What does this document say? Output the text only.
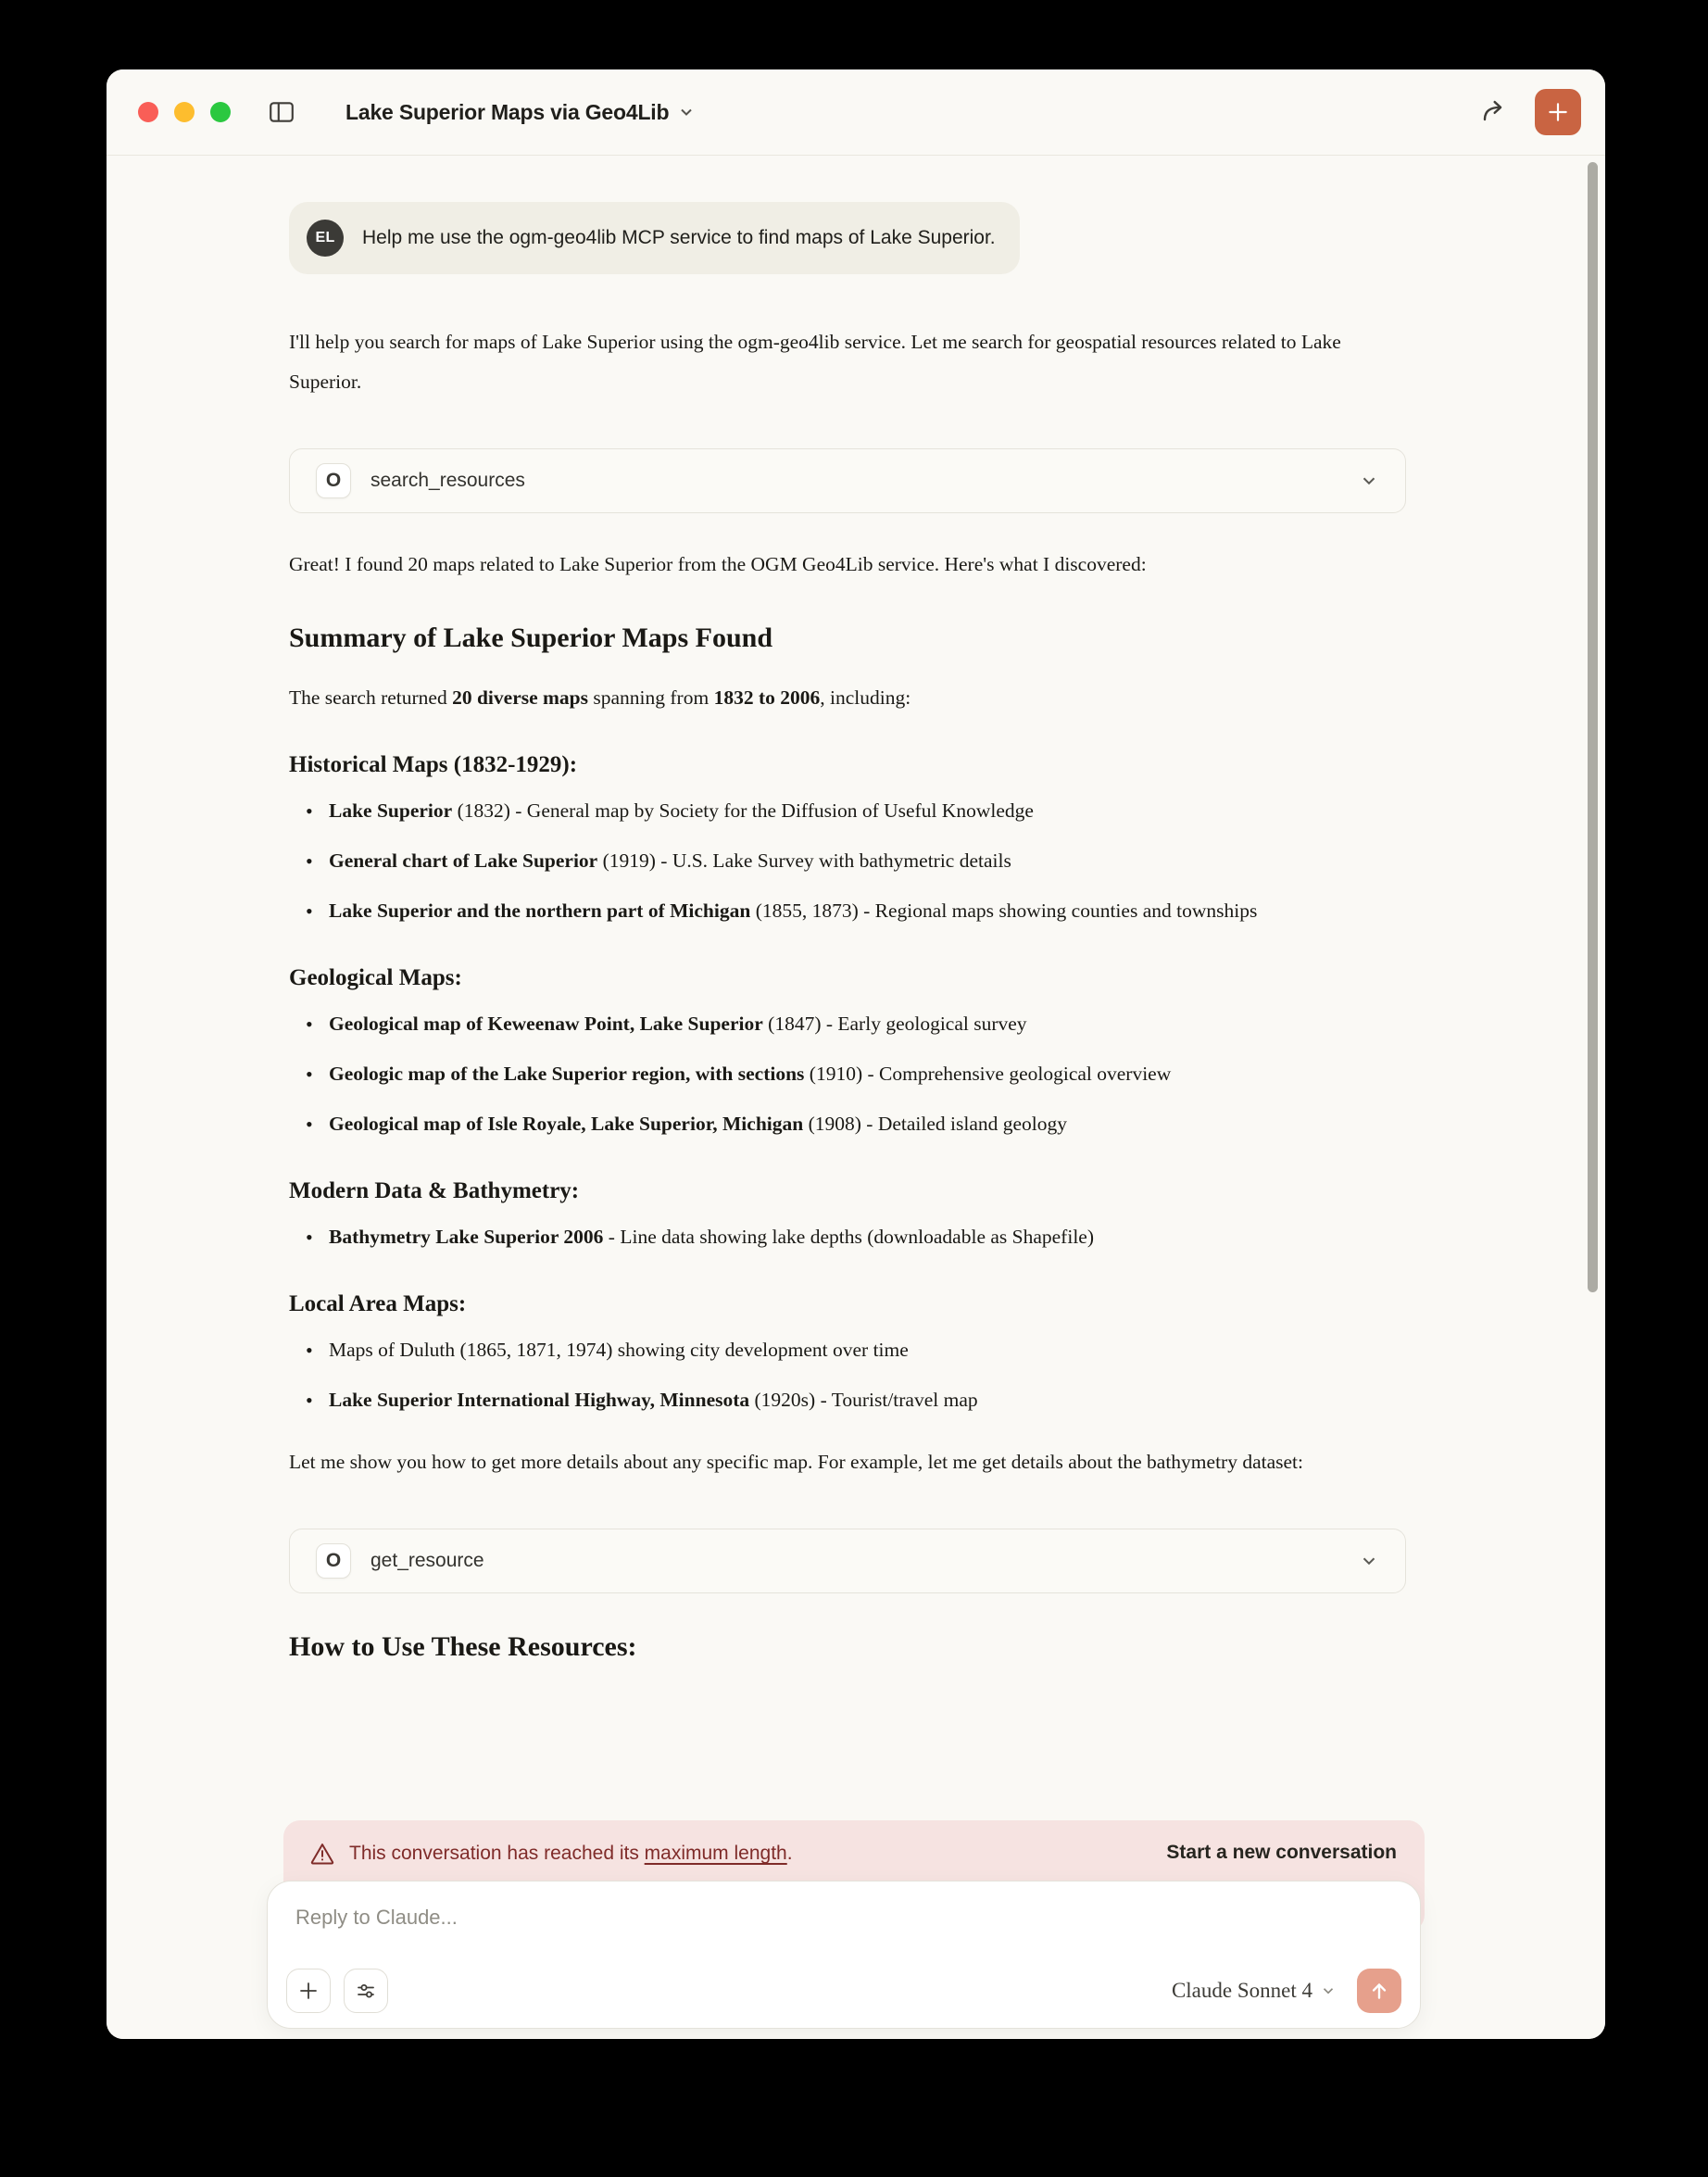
Lake Superior Maps via Geo4Lib
EL	Help me use the ogm-geo4lib MCP service to find maps of Lake Superior.

I'll help you search for maps of Lake Superior using the ogm-geo4lib service. Let me search for geospatial resources related to Lake Superior.

O	search_resources

Great! I found 20 maps related to Lake Superior from the OGM Geo4Lib service. Here's what I discovered:

Summary of Lake Superior Maps Found

The search returned 20 diverse maps spanning from 1832 to 2006, including:

Historical Maps (1832-1929):
• Lake Superior (1832) - General map by Society for the Diffusion of Useful Knowledge
• General chart of Lake Superior (1919) - U.S. Lake Survey with bathymetric details
• Lake Superior and the northern part of Michigan (1855, 1873) - Regional maps showing counties and townships
Geological Maps:
• Geological map of Keweenaw Point, Lake Superior (1847) - Early geological survey
• Geologic map of the Lake Superior region, with sections (1910) - Comprehensive geological overview
• Geological map of Isle Royale, Lake Superior, Michigan (1908) - Detailed island geology
Modern Data & Bathymetry:
• Bathymetry Lake Superior 2006 - Line data showing lake depths (downloadable as Shapefile)
Local Area Maps:
• Maps of Duluth (1865, 1871, 1974) showing city development over time
• Lake Superior International Highway, Minnesota (1920s) - Tourist/travel map

Let me show you how to get more details about any specific map. For example, let me get details about the bathymetry dataset:

O	get_resource
How to Use These Resources:
This conversation has reached its maximum length.	Start a new conversation
Reply to Claude...
Claude Sonnet 4
